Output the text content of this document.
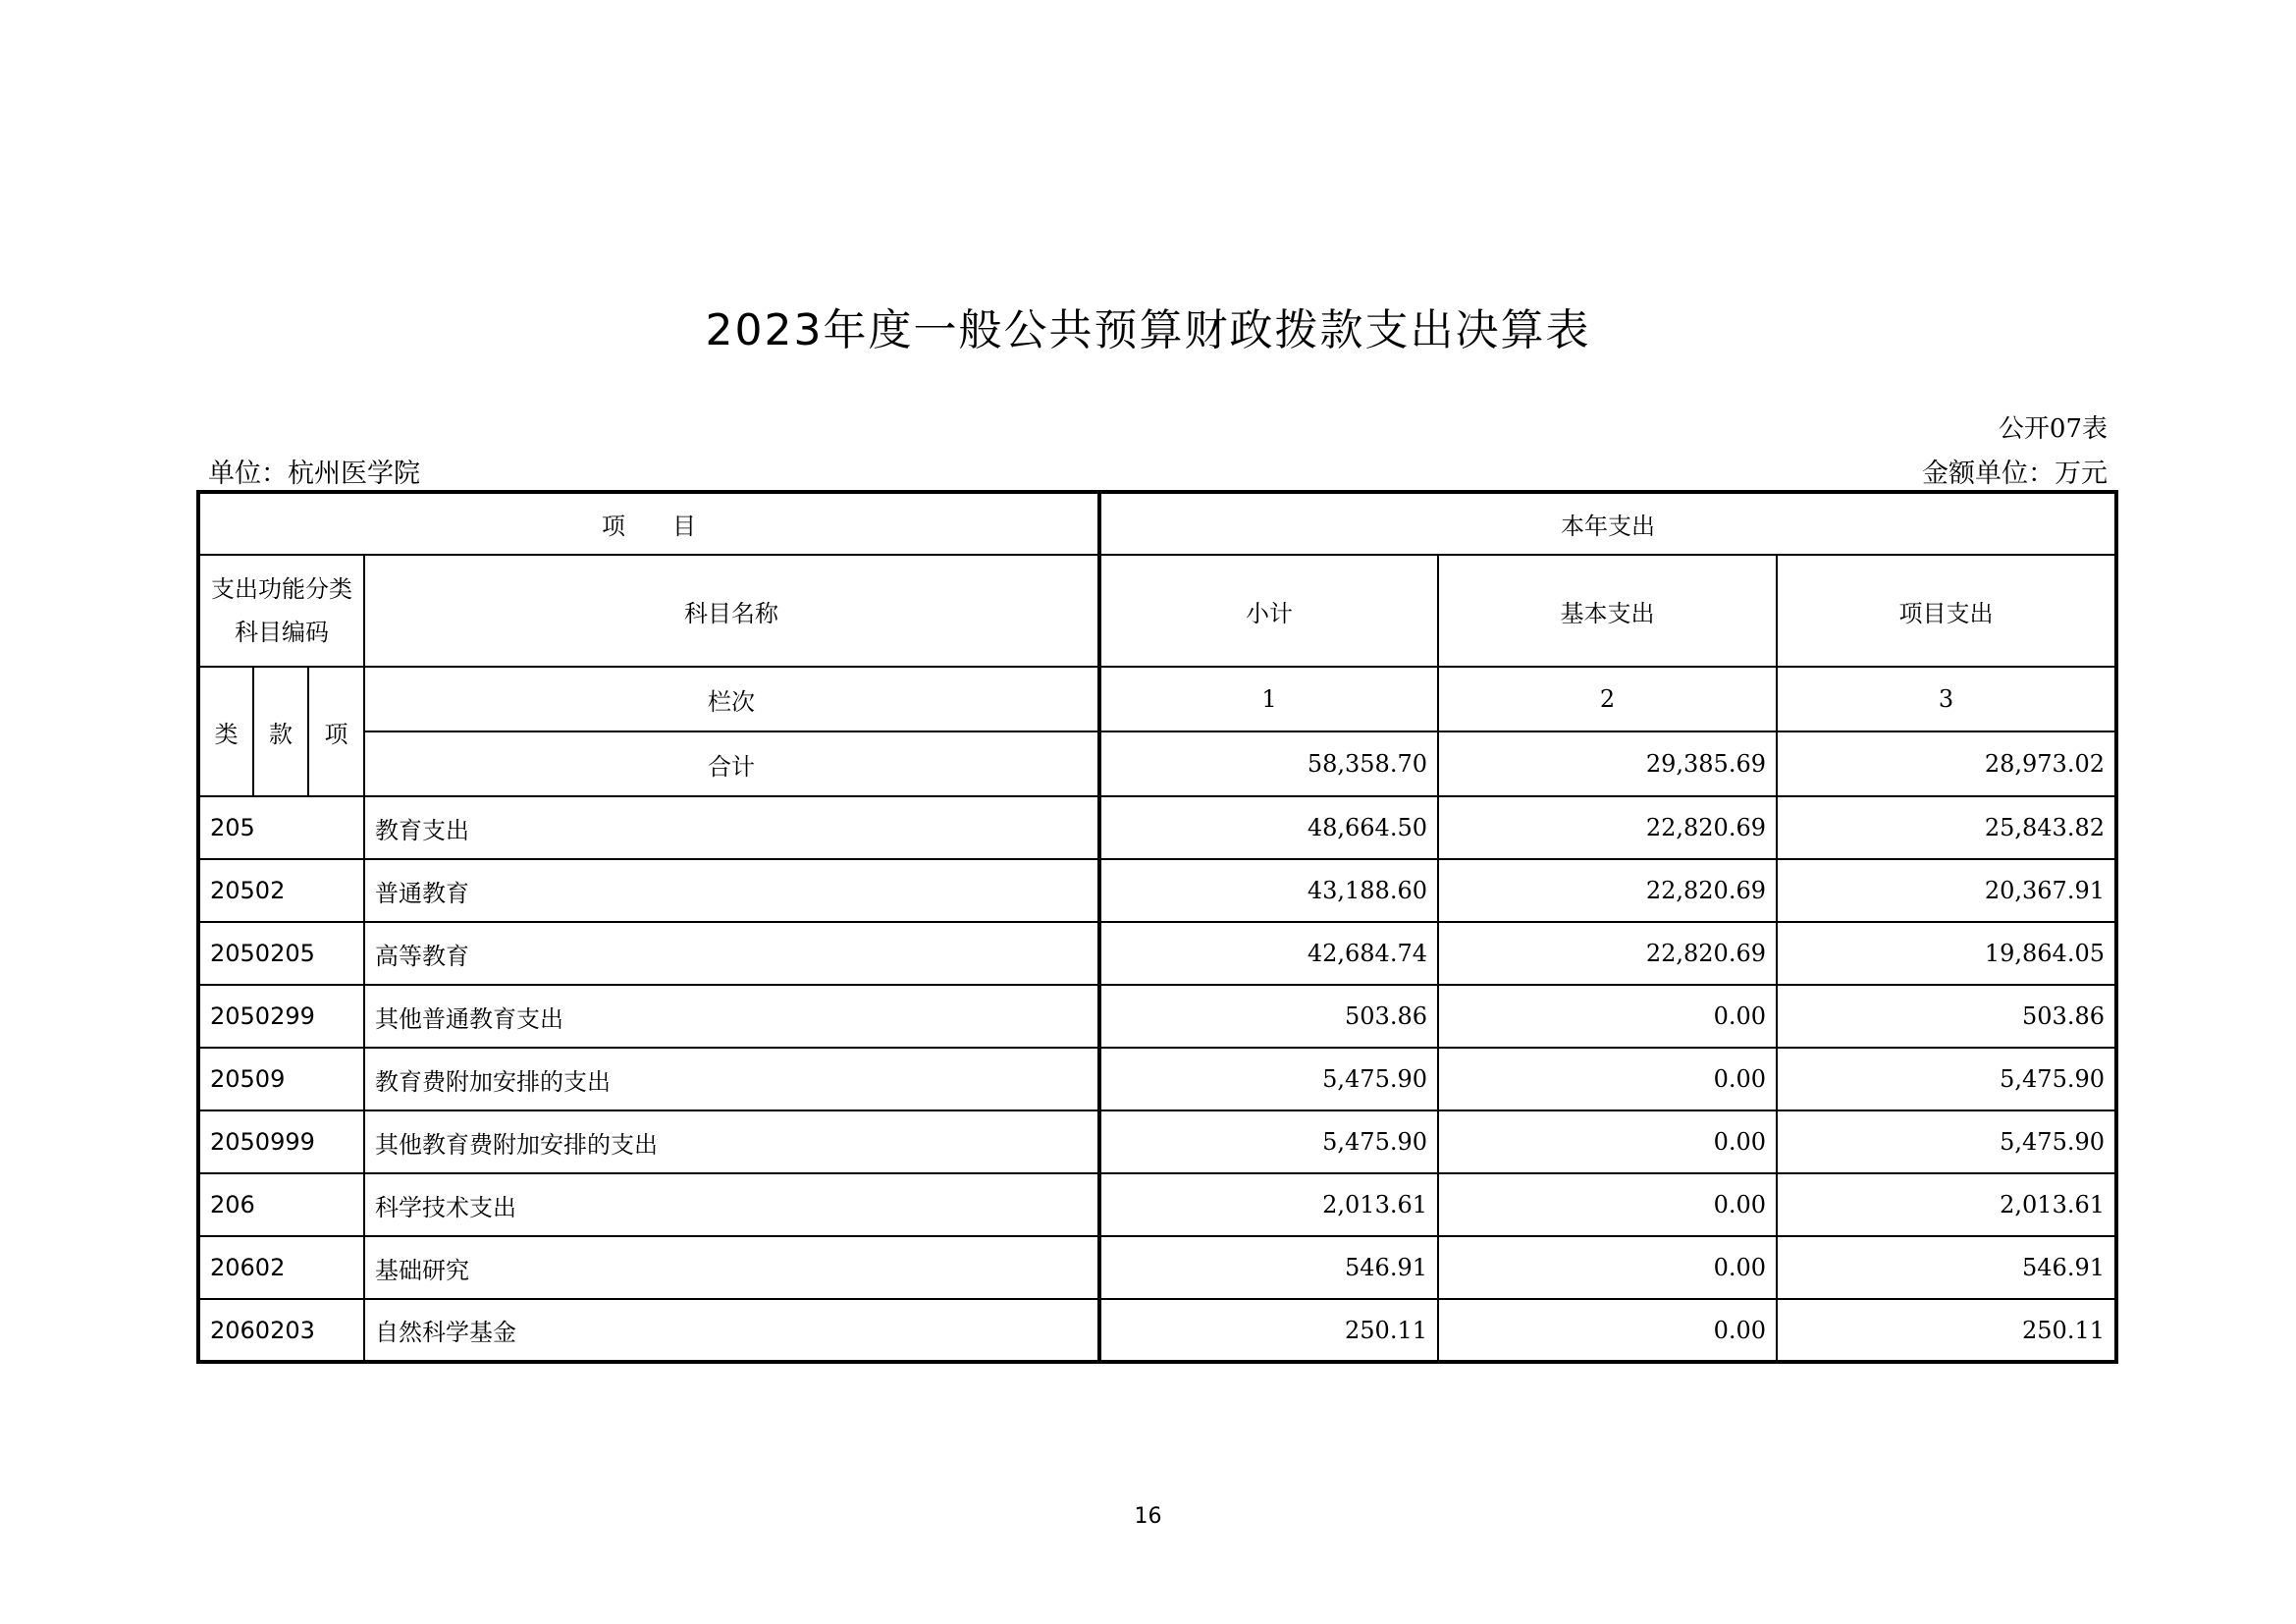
2023年度一般公共预算财政拨款支出决算表
公开07表
单位：杭州医学院	金额单位：万元
项　　目				本年支出		
支出功能分类科目编码			科目名称	小计	基本支出	项目支出
类	款	项	栏次	1	2	3
			合计	58,358.70	29,385.69	28,973.02
205			教育支出	48,664.50	22,820.69	25,843.82
20502			普通教育	43,188.60	22,820.69	20,367.91
2050205			高等教育	42,684.74	22,820.69	19,864.05
2050299			其他普通教育支出	503.86	0.00	503.86
20509			教育费附加安排的支出	5,475.90	0.00	5,475.90
2050999			其他教育费附加安排的支出	5,475.90	0.00	5,475.90
206			科学技术支出	2,013.61	0.00	2,013.61
20602			基础研究	546.91	0.00	546.91
2060203			自然科学基金	250.11	0.00	250.11
16
